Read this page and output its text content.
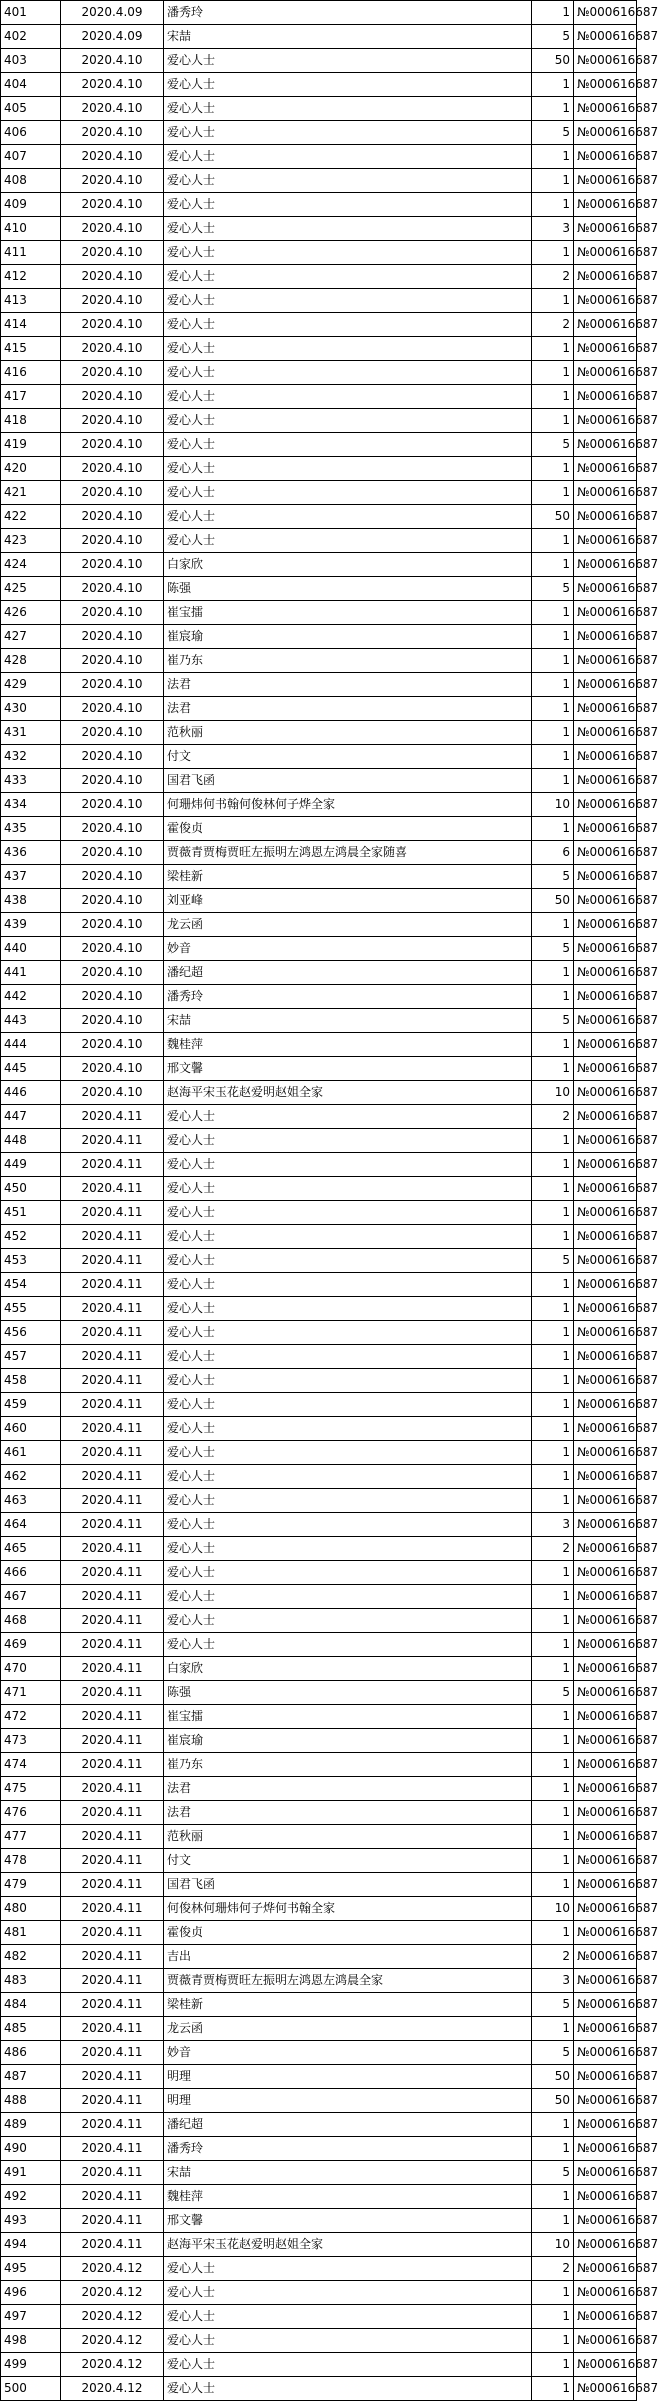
401	2020.4.09	潘秀玲	1	№000616687
402	2020.4.09	宋喆	5	№000616687
403	2020.4.10	爱心人士	50	№000616687
404	2020.4.10	爱心人士	1	№000616687
405	2020.4.10	爱心人士	1	№000616687
406	2020.4.10	爱心人士	5	№000616687
407	2020.4.10	爱心人士	1	№000616687
408	2020.4.10	爱心人士	1	№000616687
409	2020.4.10	爱心人士	1	№000616687
410	2020.4.10	爱心人士	3	№000616687
411	2020.4.10	爱心人士	1	№000616687
412	2020.4.10	爱心人士	2	№000616687
413	2020.4.10	爱心人士	1	№000616687
414	2020.4.10	爱心人士	2	№000616687
415	2020.4.10	爱心人士	1	№000616687
416	2020.4.10	爱心人士	1	№000616687
417	2020.4.10	爱心人士	1	№000616687
418	2020.4.10	爱心人士	1	№000616687
419	2020.4.10	爱心人士	5	№000616687
420	2020.4.10	爱心人士	1	№000616687
421	2020.4.10	爱心人士	1	№000616687
422	2020.4.10	爱心人士	50	№000616687
423	2020.4.10	爱心人士	1	№000616687
424	2020.4.10	白家欣	1	№000616687
425	2020.4.10	陈强	5	№000616687
426	2020.4.10	崔宝擂	1	№000616687
427	2020.4.10	崔宸瑜	1	№000616687
428	2020.4.10	崔乃东	1	№000616687
429	2020.4.10	法君	1	№000616687
430	2020.4.10	法君	1	№000616687
431	2020.4.10	范秋丽	1	№000616687
432	2020.4.10	付文	1	№000616687
433	2020.4.10	国君飞函	1	№000616687
434	2020.4.10	何珊炜何书翰何俊林何子烨全家	10	№000616687
435	2020.4.10	霍俊贞	1	№000616687
436	2020.4.10	贾薇青贾梅贾旺左振明左鸿恩左鸿晨全家随喜	6	№000616687
437	2020.4.10	梁桂新	5	№000616687
438	2020.4.10	刘亚峰	50	№000616687
439	2020.4.10	龙云函	1	№000616687
440	2020.4.10	妙音	5	№000616687
441	2020.4.10	潘纪超	1	№000616687
442	2020.4.10	潘秀玲	1	№000616687
443	2020.4.10	宋喆	5	№000616687
444	2020.4.10	魏桂萍	1	№000616687
445	2020.4.10	邢文馨	1	№000616687
446	2020.4.10	赵海平宋玉花赵爱明赵姐全家	10	№000616687
447	2020.4.11	爱心人士	2	№000616687
448	2020.4.11	爱心人士	1	№000616687
449	2020.4.11	爱心人士	1	№000616687
450	2020.4.11	爱心人士	1	№000616687
451	2020.4.11	爱心人士	1	№000616687
452	2020.4.11	爱心人士	1	№000616687
453	2020.4.11	爱心人士	5	№000616687
454	2020.4.11	爱心人士	1	№000616687
455	2020.4.11	爱心人士	1	№000616687
456	2020.4.11	爱心人士	1	№000616687
457	2020.4.11	爱心人士	1	№000616687
458	2020.4.11	爱心人士	1	№000616687
459	2020.4.11	爱心人士	1	№000616687
460	2020.4.11	爱心人士	1	№000616687
461	2020.4.11	爱心人士	1	№000616687
462	2020.4.11	爱心人士	1	№000616687
463	2020.4.11	爱心人士	1	№000616687
464	2020.4.11	爱心人士	3	№000616687
465	2020.4.11	爱心人士	2	№000616687
466	2020.4.11	爱心人士	1	№000616687
467	2020.4.11	爱心人士	1	№000616687
468	2020.4.11	爱心人士	1	№000616687
469	2020.4.11	爱心人士	1	№000616687
470	2020.4.11	白家欣	1	№000616687
471	2020.4.11	陈强	5	№000616687
472	2020.4.11	崔宝擂	1	№000616687
473	2020.4.11	崔宸瑜	1	№000616687
474	2020.4.11	崔乃东	1	№000616687
475	2020.4.11	法君	1	№000616687
476	2020.4.11	法君	1	№000616687
477	2020.4.11	范秋丽	1	№000616687
478	2020.4.11	付文	1	№000616687
479	2020.4.11	国君飞函	1	№000616687
480	2020.4.11	何俊林何珊炜何子烨何书翰全家	10	№000616687
481	2020.4.11	霍俊贞	1	№000616687
482	2020.4.11	吉出	2	№000616687
483	2020.4.11	贾薇青贾梅贾旺左振明左鸿恩左鸿晨全家	3	№000616687
484	2020.4.11	梁桂新	5	№000616687
485	2020.4.11	龙云函	1	№000616687
486	2020.4.11	妙音	5	№000616687
487	2020.4.11	明理	50	№000616687
488	2020.4.11	明理	50	№000616687
489	2020.4.11	潘纪超	1	№000616687
490	2020.4.11	潘秀玲	1	№000616687
491	2020.4.11	宋喆	5	№000616687
492	2020.4.11	魏桂萍	1	№000616687
493	2020.4.11	邢文馨	1	№000616687
494	2020.4.11	赵海平宋玉花赵爱明赵姐全家	10	№000616687
495	2020.4.12	爱心人士	2	№000616687
496	2020.4.12	爱心人士	1	№000616687
497	2020.4.12	爱心人士	1	№000616687
498	2020.4.12	爱心人士	1	№000616687
499	2020.4.12	爱心人士	1	№000616687
500	2020.4.12	爱心人士	1	№000616687
